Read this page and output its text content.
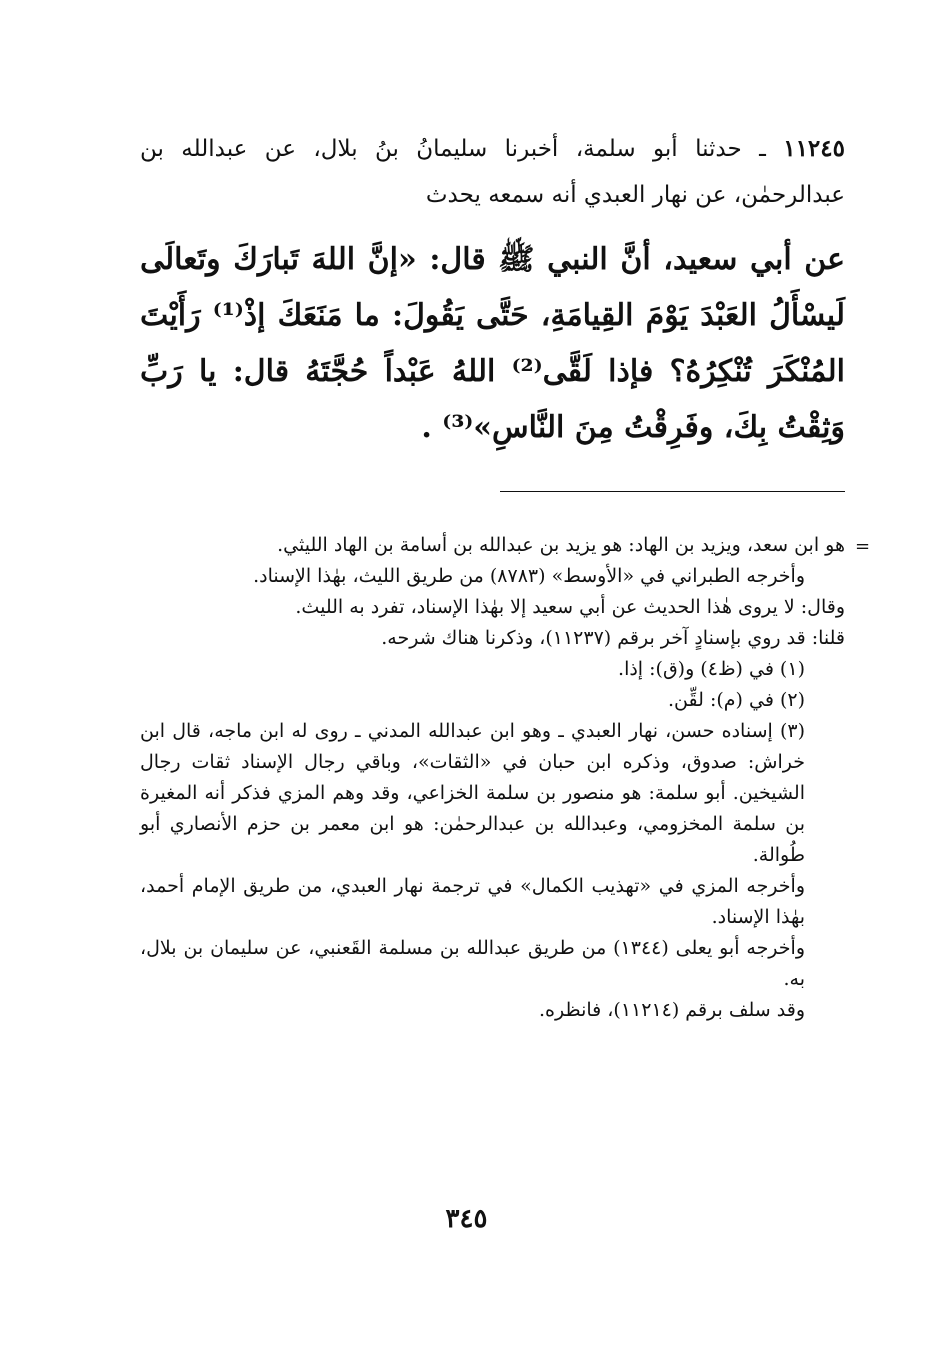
١١٢٤٥ ـ حدثنا أبو سلمة، أخبرنا سليمانُ بنُ بلال، عن عبدالله بن عبدالرحمٰن، عن نهار العبدي أنه سمعه يحدث
عن أبي سعيد، أنَّ النبي ﷺ قال: «إنَّ اللهَ تَبارَكَ وتَعالَى لَيسْأَلُ العَبْدَ يَوْمَ القِيامَةِ، حَتَّى يَقُولَ: ما مَنَعَكَ إذْ⁽¹⁾ رَأَيْتَ المُنْكَرَ تُنْكِرُهُ؟ فإذا لَقَّى⁽²⁾ اللهُ عَبْداً حُجَّتَهُ قال: يا رَبِّ وَثِقْتُ بِكَ، وفَرِقْتُ مِنَ النَّاسِ»⁽³⁾ .
=

هو ابن سعد، ويزيد بن الهاد: هو يزيد بن عبدالله بن أسامة بن الهاد الليثي.

وأخرجه الطبراني في «الأوسط» (٨٧٨٣) من طريق الليث، بهٰذا الإسناد.

وقال: لا يروى هٰذا الحديث عن أبي سعيد إلا بهٰذا الإسناد، تفرد به الليث.

قلنا: قد روي بإسنادٍ آخر برقم (١١٢٣٧)، وذكرنا هناك شرحه.

(١) في (ظ٤) و(ق): إذا.

(٢) في (م): لقِّن.

(٣) إسناده حسن، نهار العبدي ـ وهو ابن عبدالله المدني ـ روى له ابن ماجه، قال ابن خراش: صدوق، وذكره ابن حبان في «الثقات»، وباقي رجال الإسناد ثقات رجال الشيخين. أبو سلمة: هو منصور بن سلمة الخزاعي، وقد وهم المزي فذكر أنه المغيرة بن سلمة المخزومي، وعبدالله بن عبدالرحمٰن: هو ابن معمر بن حزم الأنصاري أبو طُوالة.

وأخرجه المزي في «تهذيب الكمال» في ترجمة نهار العبدي، من طريق الإمام أحمد، بهٰذا الإسناد.

وأخرجه أبو يعلى (١٣٤٤) من طريق عبدالله بن مسلمة القَعنبي، عن سليمان بن بلال، به.

وقد سلف برقم (١١٢١٤)، فانظره.

٣٤٥
